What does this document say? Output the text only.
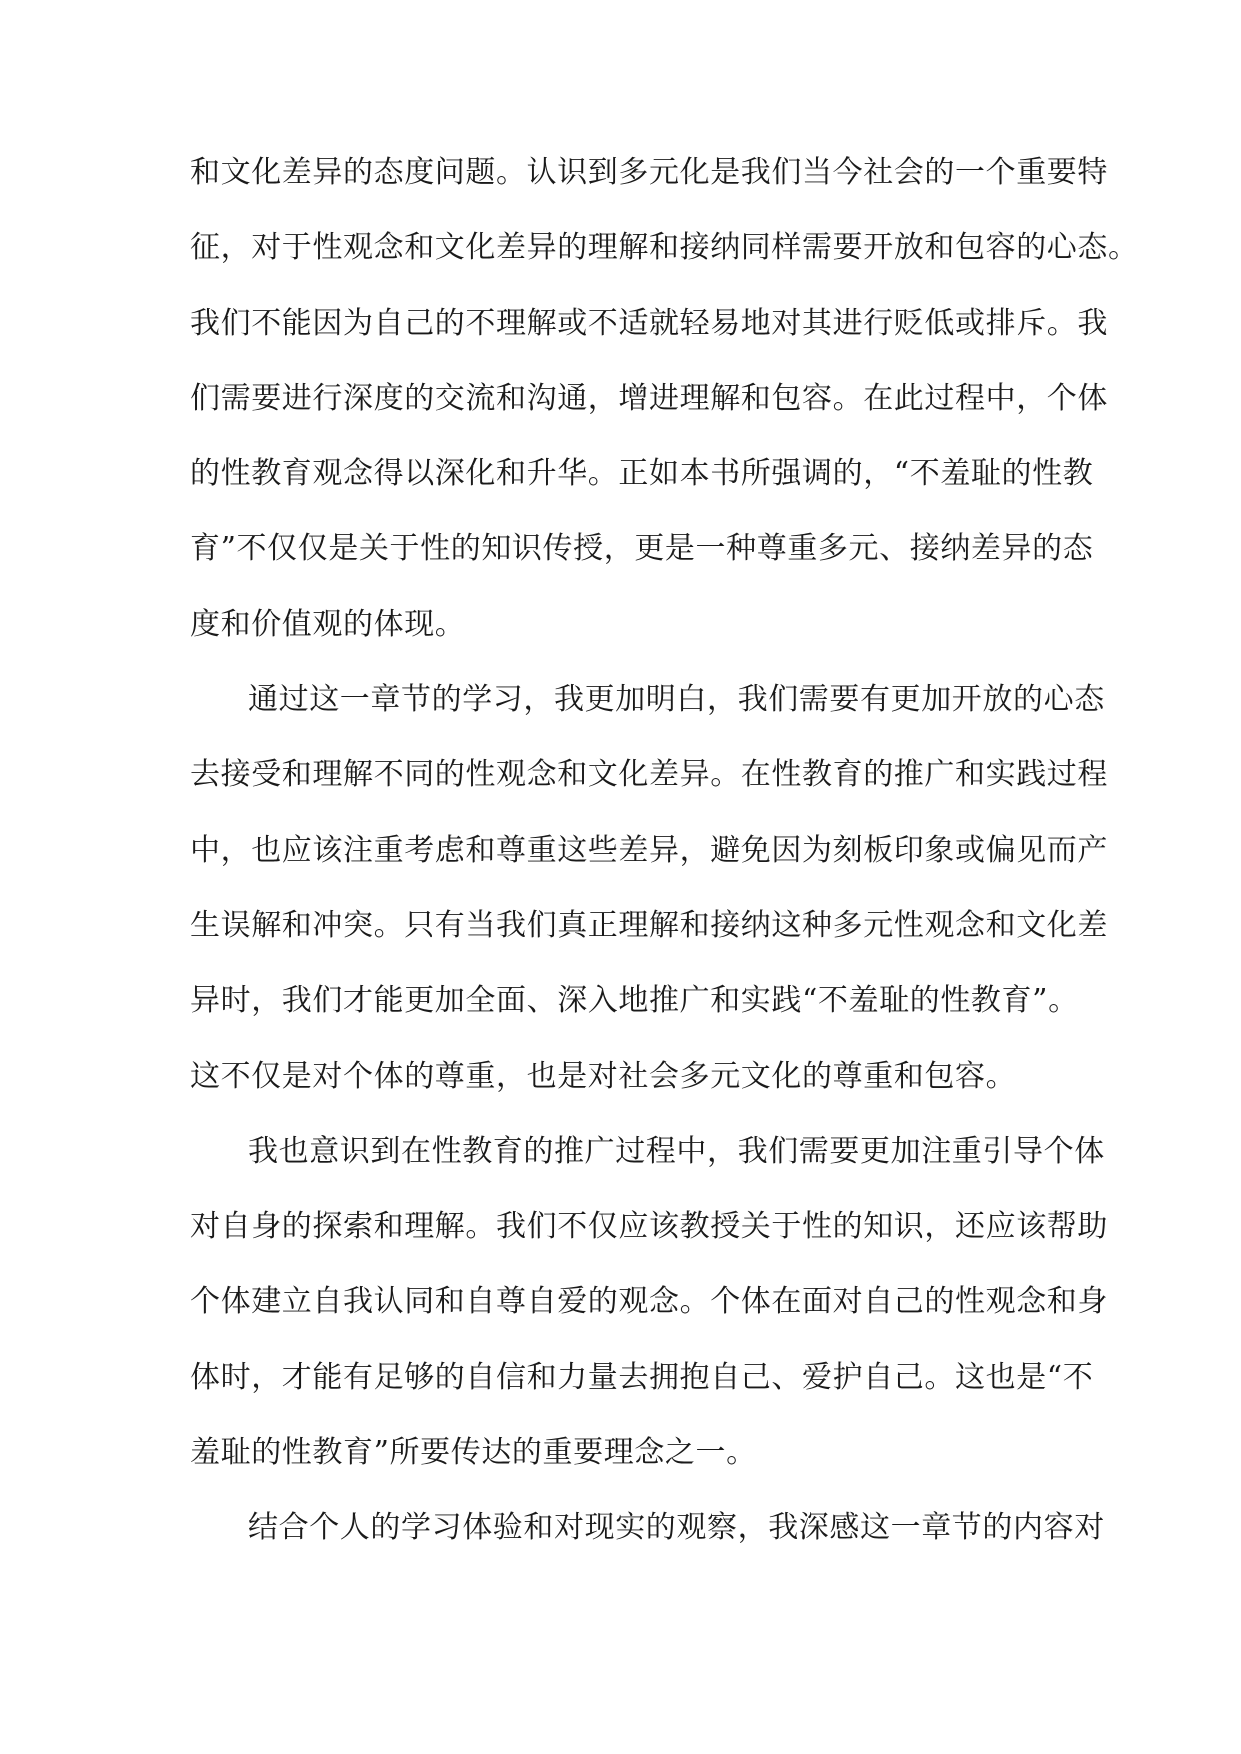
和文化差异的态度问题。认识到多元化是我们当今社会的一个重要特
征，对于性观念和文化差异的理解和接纳同样需要开放和包容的心态。
我们不能因为自己的不理解或不适就轻易地对其进行贬低或排斥。我
们需要进行深度的交流和沟通，增进理解和包容。在此过程中，个体
的性教育观念得以深化和升华。正如本书所强调的，“不羞耻的性教
育”不仅仅是关于性的知识传授，更是一种尊重多元、接纳差异的态
度和价值观的体现。
通过这一章节的学习，我更加明白，我们需要有更加开放的心态
去接受和理解不同的性观念和文化差异。在性教育的推广和实践过程
中，也应该注重考虑和尊重这些差异，避免因为刻板印象或偏见而产
生误解和冲突。只有当我们真正理解和接纳这种多元性观念和文化差
异时，我们才能更加全面、深入地推广和实践“不羞耻的性教育”。
这不仅是对个体的尊重，也是对社会多元文化的尊重和包容。
我也意识到在性教育的推广过程中，我们需要更加注重引导个体
对自身的探索和理解。我们不仅应该教授关于性的知识，还应该帮助
个体建立自我认同和自尊自爱的观念。个体在面对自己的性观念和身
体时，才能有足够的自信和力量去拥抱自己、爱护自己。这也是“不
羞耻的性教育”所要传达的重要理念之一。
结合个人的学习体验和对现实的观察，我深感这一章节的内容对
